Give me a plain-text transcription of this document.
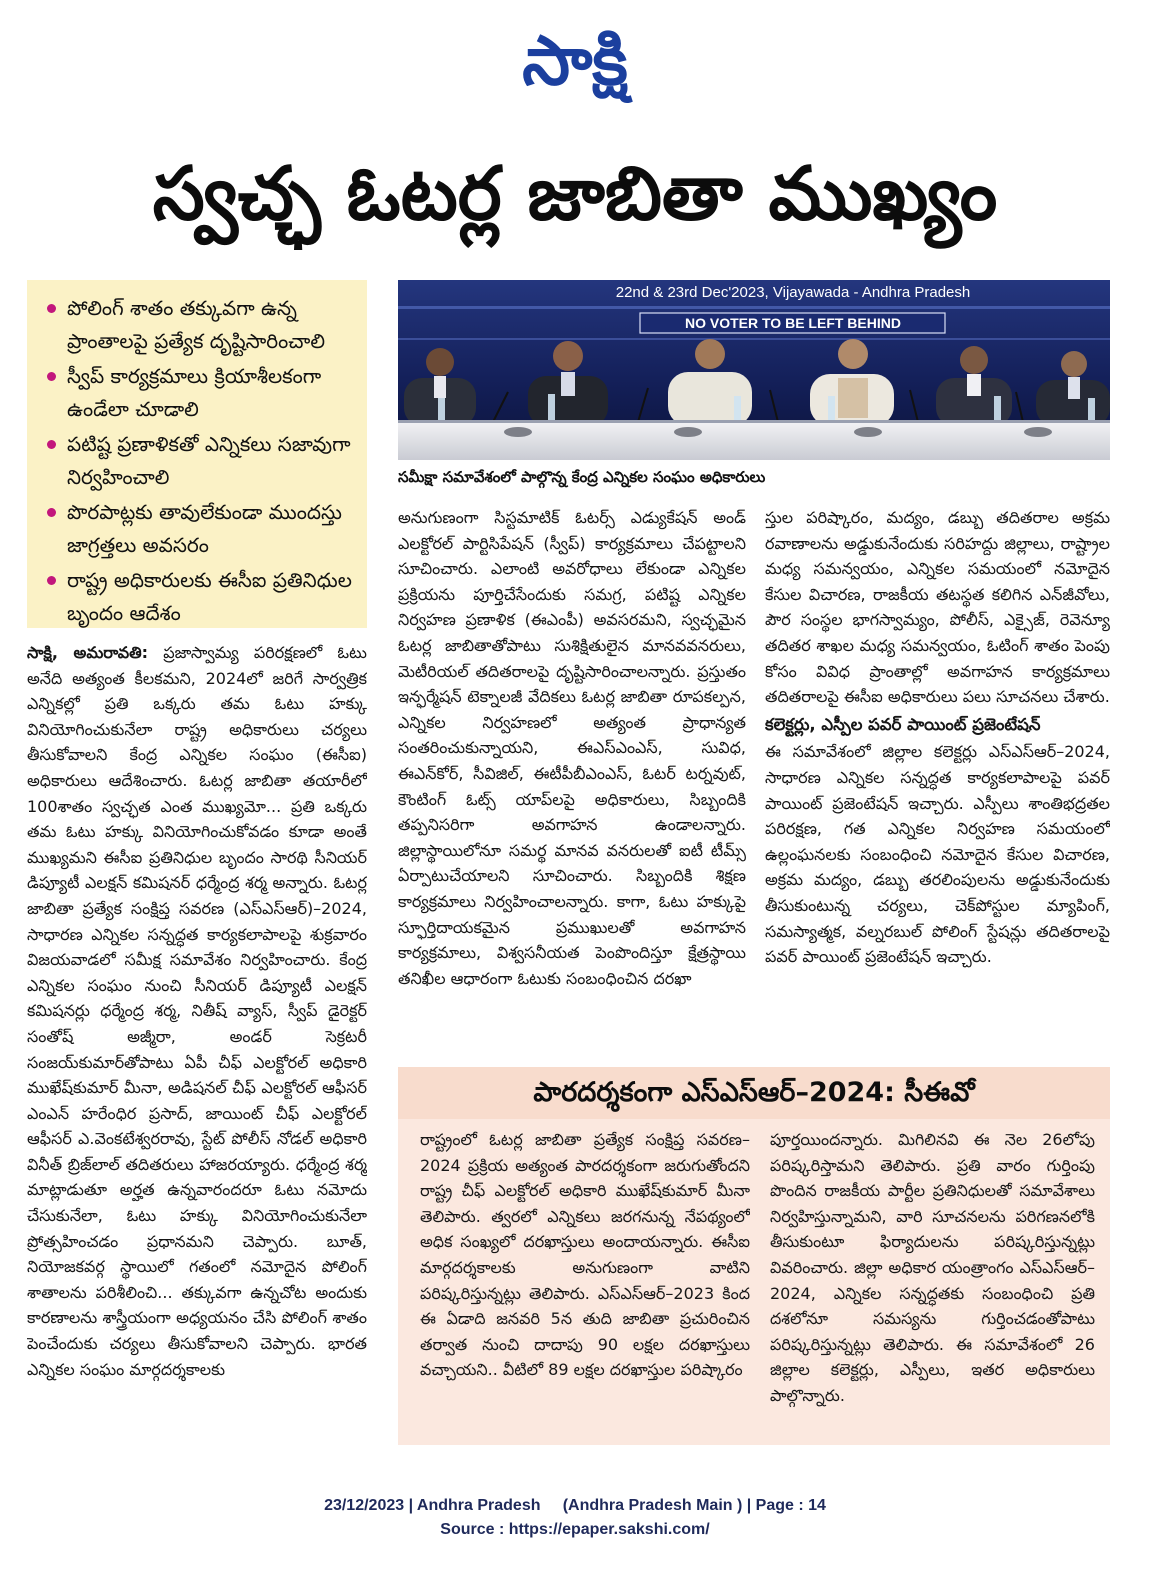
సాక్షి
స్వచ్ఛ ఓటర్ల జాబితా ముఖ్యం
పోలింగ్ శాతం తక్కువగా ఉన్న ప్రాంతాలపై ప్రత్యేక దృష్టిసారించాలి
స్వీప్ కార్యక్రమాలు క్రియాశీలకంగా ఉండేలా చూడాలి
పటిష్ట ప్రణాళికతో ఎన్నికలు సజావుగా నిర్వహించాలి
పొరపాట్లకు తావులేకుండా ముందస్తు జాగ్రత్తలు అవసరం
రాష్ట్ర అధికారులకు ఈసీఐ ప్రతినిధుల బృందం ఆదేశం
22nd & 23rd Dec'2023, Vijayawada - Andhra Pradesh
NO VOTER TO BE LEFT BEHIND
సమీక్షా సమావేశంలో పాల్గొన్న కేంద్ర ఎన్నికల సంఘం అధికారులు

సాక్షి, అమరావతి: ప్రజాస్వామ్య పరిరక్షణలో ఓటు అనేది అత్యంత కీలకమని, 2024లో జరిగే సార్వత్రిక ఎన్నికల్లో ప్రతి ఒక్కరు తమ ఓటు హక్కు వినియోగించుకునేలా రాష్ట్ర అధికారులు చర్యలు తీసుకోవాలని కేంద్ర ఎన్నికల సంఘం (ఈసీఐ) అధికారులు ఆదేశించారు. ఓటర్ల జాబితా తయారీలో 100శాతం స్వచ్ఛత ఎంత ముఖ్యమో... ప్రతి ఒక్కరు తమ ఓటు హక్కు వినియోగించుకోవడం కూడా అంతే ముఖ్యమని ఈసీఐ ప్రతినిధుల బృందం సారథి సీనియర్ డిప్యూటీ ఎలక్షన్ కమిషనర్ ధర్మేంద్ర శర్మ అన్నారు. ఓటర్ల జాబితా ప్రత్యేక సంక్షిప్త సవరణ (ఎస్ఎస్ఆర్)–2024, సాధారణ ఎన్నికల సన్నద్ధత కార్యకలాపాలపై శుక్రవారం విజయవాడలో సమీక్ష సమావేశం నిర్వహించారు. కేంద్ర ఎన్నికల సంఘం నుంచి సీనియర్ డిప్యూటీ ఎలక్షన్ కమిషనర్లు ధర్మేంద్ర శర్మ, నితీష్ వ్యాస్, స్వీప్ డైరెక్టర్ సంతోష్ అజ్మీరా, అండర్ సెక్రటరీ సంజయ్‌కుమార్‌తోపాటు ఏపీ చీఫ్ ఎలక్టోరల్ అధికారి ముఖేష్‌కుమార్ మీనా, అడిషనల్ చీఫ్ ఎలక్టోరల్ ఆఫీసర్ ఎంఎన్ హరేంధిర ప్రసాద్, జాయింట్ చీఫ్ ఎలక్టోరల్ ఆఫీసర్ ఎ.వెంకటేశ్వరరావు, స్టేట్ పోలీస్ నోడల్ అధికారి వినీత్ బ్రిజ్‌లాల్ తదితరులు హాజరయ్యారు. ధర్మేంద్ర శర్మ మాట్లాడుతూ అర్హత ఉన్నవారందరూ ఓటు నమోదు చేసుకునేలా, ఓటు హక్కు వినియోగించుకునేలా ప్రోత్సహించడం ప్రధానమని చెప్పారు. బూత్, నియోజకవర్గ స్థాయిలో గతంలో నమోదైన పోలింగ్ శాతాలను పరిశీలించి... తక్కువగా ఉన్నచోట అందుకు కారణాలను శాస్త్రీయంగా అధ్యయనం చేసి పోలింగ్ శాతం పెంచేందుకు చర్యలు తీసుకోవాలని చెప్పారు. భారత ఎన్నికల సంఘం మార్గదర్శకాలకు

అనుగుణంగా సిస్టమాటిక్ ఓటర్స్ ఎడ్యుకేషన్ అండ్ ఎలక్టోరల్ పార్టిసిపేషన్ (స్వీప్) కార్యక్రమాలు చేపట్టాలని సూచించారు. ఎలాంటి అవరోధాలు లేకుండా ఎన్నికల ప్రక్రియను పూర్తిచేసేందుకు సమగ్ర, పటిష్ట ఎన్నికల నిర్వహణ ప్రణాళిక (ఈఎంపీ) అవసరమని, స్వచ్ఛమైన ఓటర్ల జాబితాతోపాటు సుశిక్షితులైన మానవవనరులు, మెటీరియల్ తదితరాలపై దృష్టిసారించాలన్నారు. ప్రస్తుతం ఇన్ఫర్మేషన్ టెక్నాలజీ వేదికలు ఓటర్ల జాబితా రూపకల్పన, ఎన్నికల నిర్వహణలో అత్యంత ప్రాధాన్యత సంతరించుకున్నాయని, ఈఎస్ఎంఎస్, సువిధ, ఈఎన్‌కోర్, సీవిజిల్, ఈటీపీబీఎంఎస్, ఓటర్ టర్నవుట్, కౌంటింగ్ ఓట్స్ యాప్‌లపై అధికారులు, సిబ్బందికి తప్పనిసరిగా అవగాహన ఉండాలన్నారు. జిల్లాస్థాయిలోనూ సమర్థ మానవ వనరులతో ఐటీ టీమ్స్ ఏర్పాటుచేయాలని సూచించారు. సిబ్బందికి శిక్షణ కార్యక్రమాలు నిర్వహించాలన్నారు. కాగా, ఓటు హక్కుపై స్ఫూర్తిదాయకమైన ప్రముఖులతో అవగాహన కార్యక్రమాలు, విశ్వసనీయత పెంపొందిస్తూ క్షేత్రస్థాయి తనిఖీల ఆధారంగా ఓటుకు సంబంధించిన దరఖా

స్తుల పరిష్కారం, మద్యం, డబ్బు తదితరాల అక్రమ రవాణాలను అడ్డుకునేందుకు సరిహద్దు జిల్లాలు, రాష్ట్రాల మధ్య సమన్వయం, ఎన్నికల సమయంలో నమోదైన కేసుల విచారణ, రాజకీయ తటస్థత కలిగిన ఎన్‌జీవోలు, పౌర సంస్థల భాగస్వామ్యం, పోలీస్, ఎక్సైజ్, రెవెన్యూ తదితర శాఖల మధ్య సమన్వయం, ఓటింగ్ శాతం పెంపు కోసం వివిధ ప్రాంతాల్లో అవగాహన కార్యక్రమాలు తదితరాలపై ఈసీఐ అధికారులు పలు సూచనలు చేశారు.

కలెక్టర్లు, ఎస్పీల పవర్ పాయింట్ ప్రజెంటేషన్

ఈ సమావేశంలో జిల్లాల కలెక్టర్లు ఎస్ఎస్ఆర్–2024, సాధారణ ఎన్నికల సన్నద్ధత కార్యకలాపాలపై పవర్ పాయింట్ ప్రజెంటేషన్ ఇచ్చారు. ఎస్పీలు శాంతిభద్రతల పరిరక్షణ, గత ఎన్నికల నిర్వహణ సమయంలో ఉల్లంఘనలకు సంబంధించి నమోదైన కేసుల విచారణ, అక్రమ మద్యం, డబ్బు తరలింపులను అడ్డుకునేందుకు తీసుకుంటున్న చర్యలు, చెక్‌పోస్టుల మ్యాపింగ్, సమస్యాత్మక, వల్నరబుల్ పోలింగ్ స్టేషన్లు తదితరాలపై పవర్ పాయింట్ ప్రజెంటేషన్ ఇచ్చారు.

పారదర్శకంగా ఎస్ఎస్ఆర్–2024: సీఈవో

రాష్ట్రంలో ఓటర్ల జాబితా ప్రత్యేక సంక్షిప్త సవరణ–2024 ప్రక్రియ అత్యంత పారదర్శకంగా జరుగుతోందని రాష్ట్ర చీఫ్ ఎలక్టోరల్ అధికారి ముఖేష్‌కుమార్ మీనా తెలిపారు. త్వరలో ఎన్నికలు జరగనున్న నేపథ్యంలో అధిక సంఖ్యలో దరఖాస్తులు అందాయన్నారు. ఈసీఐ మార్గదర్శకాలకు అనుగుణంగా వాటిని పరిష్కరిస్తున్నట్లు తెలిపారు. ఎస్ఎస్ఆర్–2023 కింద ఈ ఏడాది జనవరి 5న తుది జాబితా ప్రచురించిన తర్వాత నుంచి దాదాపు 90 లక్షల దరఖాస్తులు వచ్చాయని.. వీటిలో 89 లక్షల దరఖాస్తుల పరిష్కారం

పూర్తయిందన్నారు. మిగిలినవి ఈ నెల 26లోపు పరిష్కరిస్తామని తెలిపారు. ప్రతి వారం గుర్తింపు పొందిన రాజకీయ పార్టీల ప్రతినిధులతో సమావేశాలు నిర్వహిస్తున్నామని, వారి సూచనలను పరిగణనలోకి తీసుకుంటూ ఫిర్యాదులను పరిష్కరిస్తున్నట్లు వివరించారు. జిల్లా అధికార యంత్రాంగం ఎస్ఎస్ఆర్–2024, ఎన్నికల సన్నద్ధతకు సంబంధించి ప్రతి దశలోనూ సమస్యను గుర్తించడంతోపాటు పరిష్కరిస్తున్నట్లు తెలిపారు. ఈ సమావేశంలో 26 జిల్లాల కలెక్టర్లు, ఎస్పీలు, ఇతర అధికారులు పాల్గొన్నారు.

23/12/2023 | Andhra Pradesh     (Andhra Pradesh Main ) | Page : 14
Source : https://epaper.sakshi.com/
